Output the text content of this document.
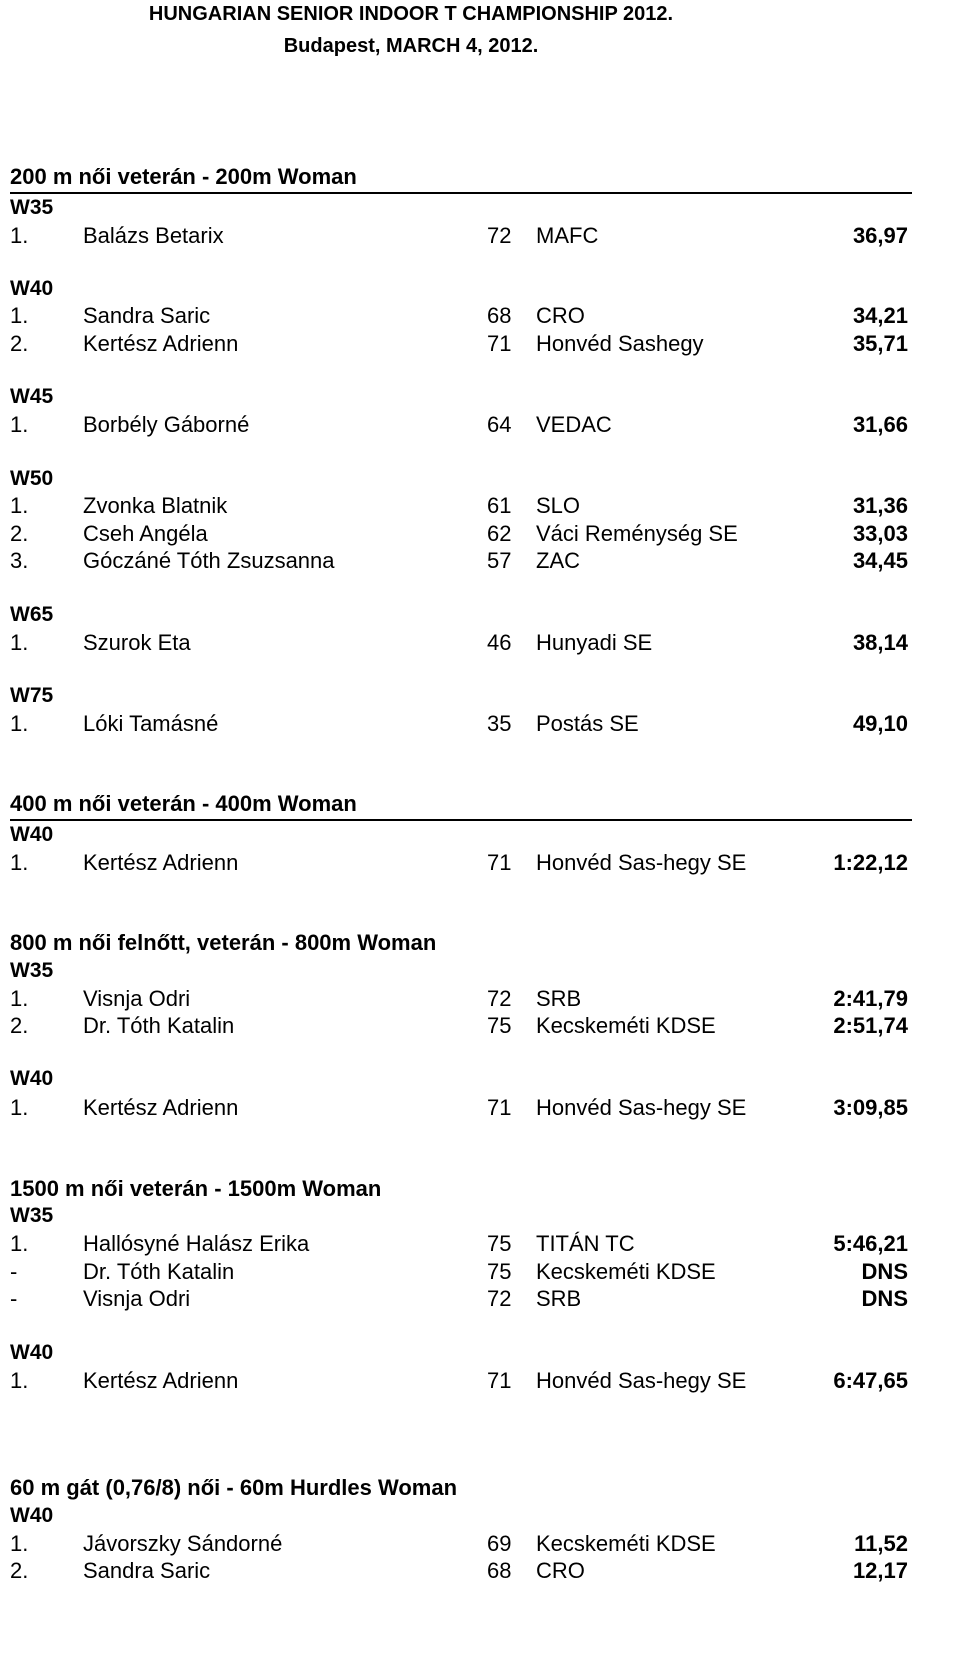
HUNGARIAN SENIOR INDOOR T CHAMPIONSHIP 2012.
Budapest, MARCH 4, 2012.
200 m női veterán - 200m Woman
W35
1. Balázs Betarix	72 MAFC	36,97
W40
1. Sandra Saric	68 CRO	34,21
2. Kertész Adrienn	71 Honvéd Sashegy	35,71
W45
1. Borbély Gáborné	64 VEDAC	31,66
W50
1. Zvonka Blatnik	61 SLO	31,36
2. Cseh Angéla	62 Váci Reménység SE	33,03
3. Góczáné Tóth Zsuzsanna	57 ZAC	34,45
W65
1. Szurok Eta	46 Hunyadi SE	38,14
W75
1. Lóki Tamásné	35 Postás SE	49,10
400 m női veterán - 400m Woman
W40
1. Kertész Adrienn	71 Honvéd Sas-hegy SE	1:22,12
800 m női felnőtt, veterán - 800m Woman
W35
1. Visnja Odri	72 SRB	2:41,79
2. Dr. Tóth Katalin	75 Kecskeméti KDSE	2:51,74
W40
1. Kertész Adrienn	71 Honvéd Sas-hegy SE	3:09,85
1500 m női veterán - 1500m Woman
W35
1. Hallósyné Halász Erika	75 TITÁN TC	5:46,21
-	Dr. Tóth Katalin	75 Kecskeméti KDSE	DNS
-	Visnja Odri	72 SRB	DNS
W40
1. Kertész Adrienn	71 Honvéd Sas-hegy SE	6:47,65
60 m gát (0,76/8) női - 60m Hurdles Woman
W40
1. Jávorszky Sándorné	69 Kecskeméti KDSE	11,52
2. Sandra Saric	68 CRO	12,17
